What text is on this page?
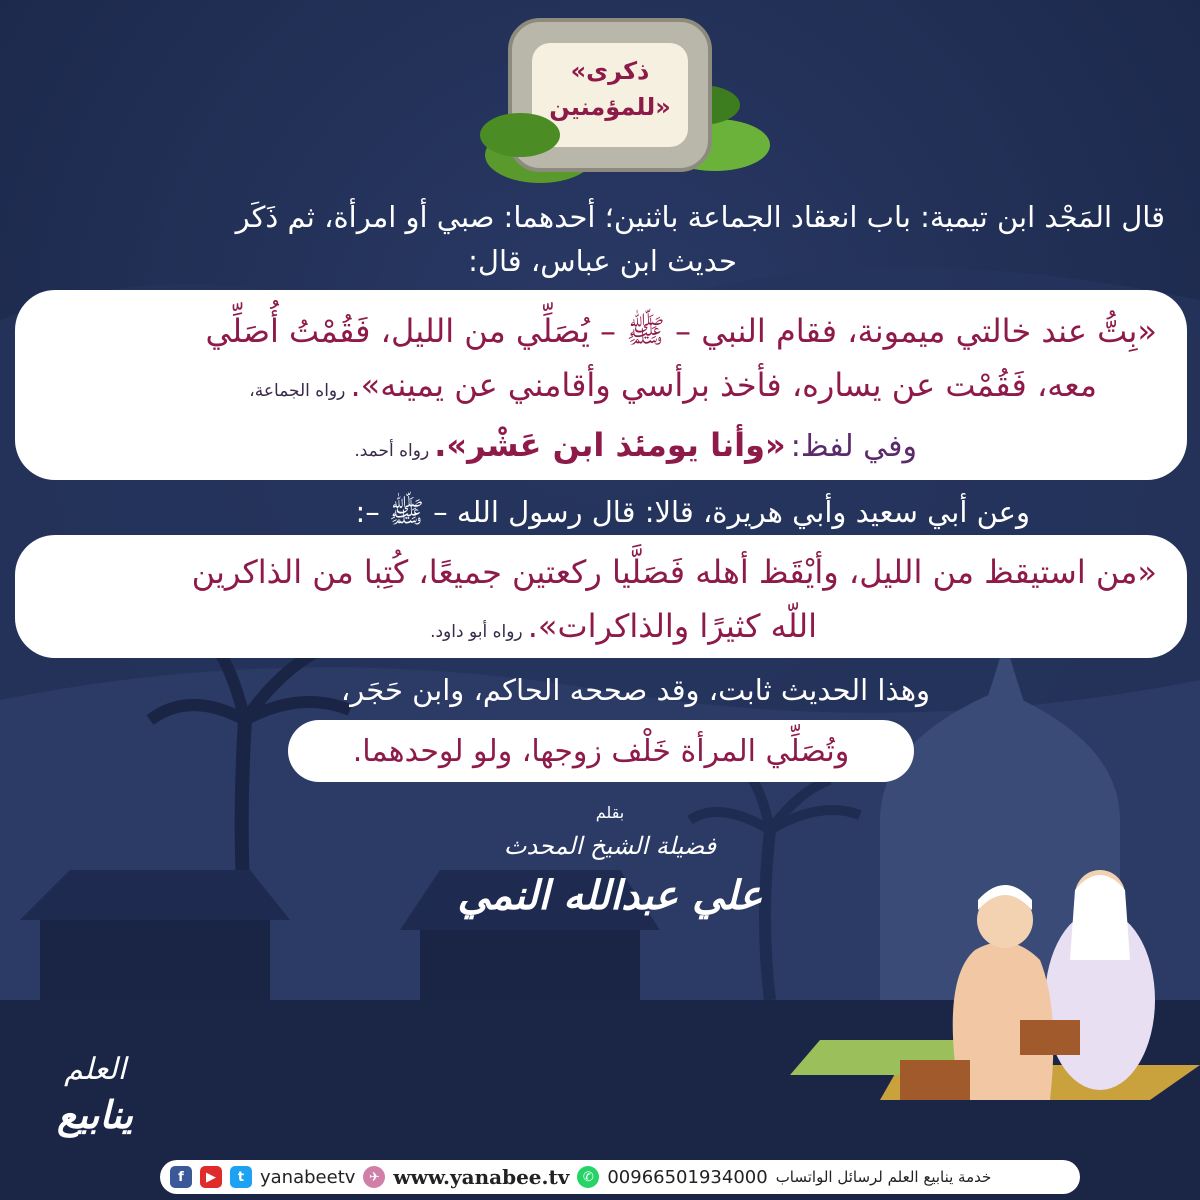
«ذكرى
للمؤمنين»
قال المَجْد ابن تيمية: باب انعقاد الجماعة باثنين؛ أحدهما: صبي أو امرأة، ثم ذَكَر
حديث ابن عباس، قال:
«بِتُّ عند خالتي ميمونة، فقام النبي – ﷺ – يُصَلِّي من الليل، فَقُمْتُ أُصَلِّي
معه، فَقُمْت عن يساره، فأخذ برأسي وأقامني عن يمينه». رواه الجماعة،
وفي لفظ: «وأنا يومئذ ابن عَشْر». رواه أحمد.
وعن أبي سعيد وأبي هريرة، قالا: قال رسول الله – ﷺ –:
«من استيقظ من الليل، وأيْقَظ أهله فَصَلَّيا ركعتين جميعًا، كُتِبا من الذاكرين
اللّه كثيرًا والذاكرات». رواه أبو داود.
وهذا الحديث ثابت، وقد صححه الحاكم، وابن حَجَر،
وتُصَلِّي المرأة خَلْف زوجها، ولو لوحدهما.
بقلم
فضيلة الشيخ المحدث
علي عبدالله النمي
العلم
ينابيع
f	▶	t yanabeetv	✈ www.yanabee.tv	✆ 00966501934000 خدمة ينابيع العلم لرسائل الواتساب
